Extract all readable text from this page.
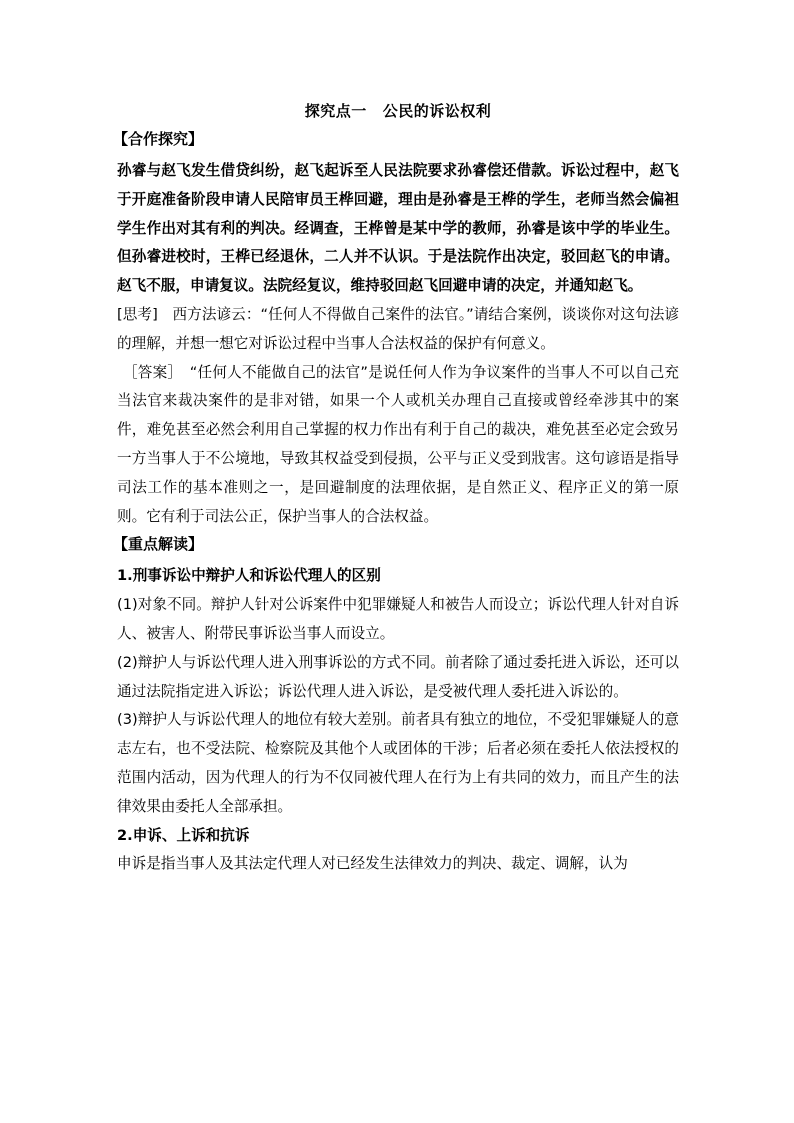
探究点一 公民的诉讼权利
【合作探究】

孙睿与赵飞发生借贷纠纷，赵飞起诉至人民法院要求孙睿偿还借款。诉讼过程中，赵飞于开庭准备阶段申请人民陪审员王桦回避，理由是孙睿是王桦的学生，老师当然会偏袒学生作出对其有利的判决。经调查，王桦曾是某中学的教师，孙睿是该中学的毕业生。但孙睿进校时，王桦已经退休，二人并不认识。于是法院作出决定，驳回赵飞的申请。赵飞不服，申请复议。法院经复议，维持驳回赵飞回避申请的决定，并通知赵飞。

[思考]　西方法谚云：“任何人不得做自己案件的法官。”请结合案例，谈谈你对这句法谚的理解，并想一想它对诉讼过程中当事人合法权益的保护有何意义。

［答案］　“任何人不能做自己的法官”是说任何人作为争议案件的当事人不可以自己充当法官来裁决案件的是非对错，如果一个人或机关办理自己直接或曾经牵涉其中的案件，难免甚至必然会利用自己掌握的权力作出有利于自己的裁决，难免甚至必定会致另一方当事人于不公境地，导致其权益受到侵损，公平与正义受到戕害。这句谚语是指导司法工作的基本准则之一，是回避制度的法理依据，是自然正义、程序正义的第一原则。它有利于司法公正，保护当事人的合法权益。

【重点解读】

1.刑事诉讼中辩护人和诉讼代理人的区别

(1)对象不同。辩护人针对公诉案件中犯罪嫌疑人和被告人而设立；诉讼代理人针对自诉人、被害人、附带民事诉讼当事人而设立。

(2)辩护人与诉讼代理人进入刑事诉讼的方式不同。前者除了通过委托进入诉讼，还可以通过法院指定进入诉讼；诉讼代理人进入诉讼，是受被代理人委托进入诉讼的。

(3)辩护人与诉讼代理人的地位有较大差别。前者具有独立的地位，不受犯罪嫌疑人的意志左右，也不受法院、检察院及其他个人或团体的干涉；后者必须在委托人依法授权的范围内活动，因为代理人的行为不仅同被代理人在行为上有共同的效力，而且产生的法律效果由委托人全部承担。

2.申诉、上诉和抗诉

申诉是指当事人及其法定代理人对已经发生法律效力的判决、裁定、调解，认为
